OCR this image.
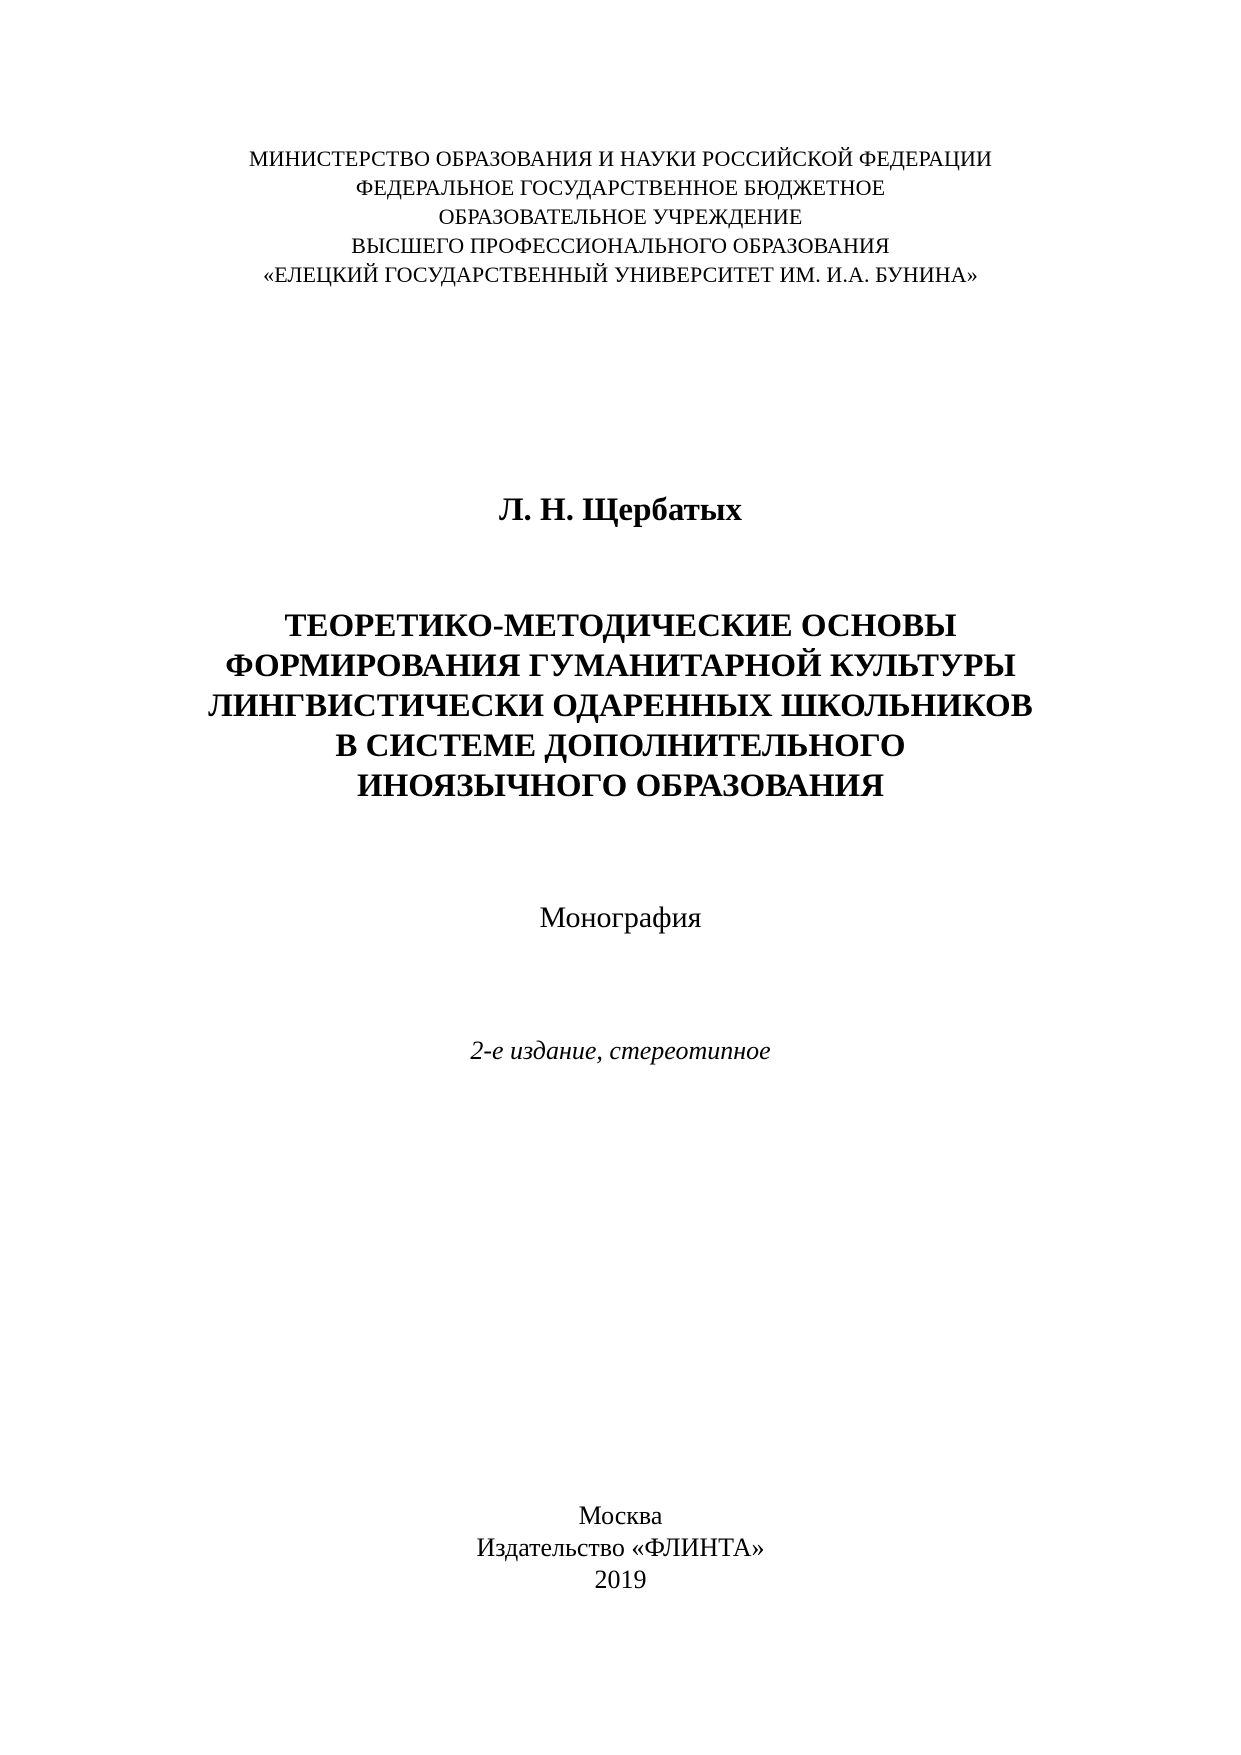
МИНИСТЕРСТВО ОБРАЗОВАНИЯ И НАУКИ РОССИЙСКОЙ ФЕДЕРАЦИИ
ФЕДЕРАЛЬНОЕ ГОСУДАРСТВЕННОЕ БЮДЖЕТНОЕ
ОБРАЗОВАТЕЛЬНОЕ УЧРЕЖДЕНИЕ
ВЫСШЕГО ПРОФЕССИОНАЛЬНОГО ОБРАЗОВАНИЯ
«ЕЛЕЦКИЙ ГОСУДАРСТВЕННЫЙ УНИВЕРСИТЕТ ИМ. И.А. БУНИНА»
Л. Н. Щербатых
ТЕОРЕТИКО-МЕТОДИЧЕСКИЕ ОСНОВЫ
ФОРМИРОВАНИЯ ГУМАНИТАРНОЙ КУЛЬТУРЫ
ЛИНГВИСТИЧЕСКИ ОДАРЕННЫХ ШКОЛЬНИКОВ
В СИСТЕМЕ ДОПОЛНИТЕЛЬНОГО
ИНОЯЗЫЧНОГО ОБРАЗОВАНИЯ
Монография
2-е издание, стереотипное
Москва
Издательство «ФЛИНТА»
2019
